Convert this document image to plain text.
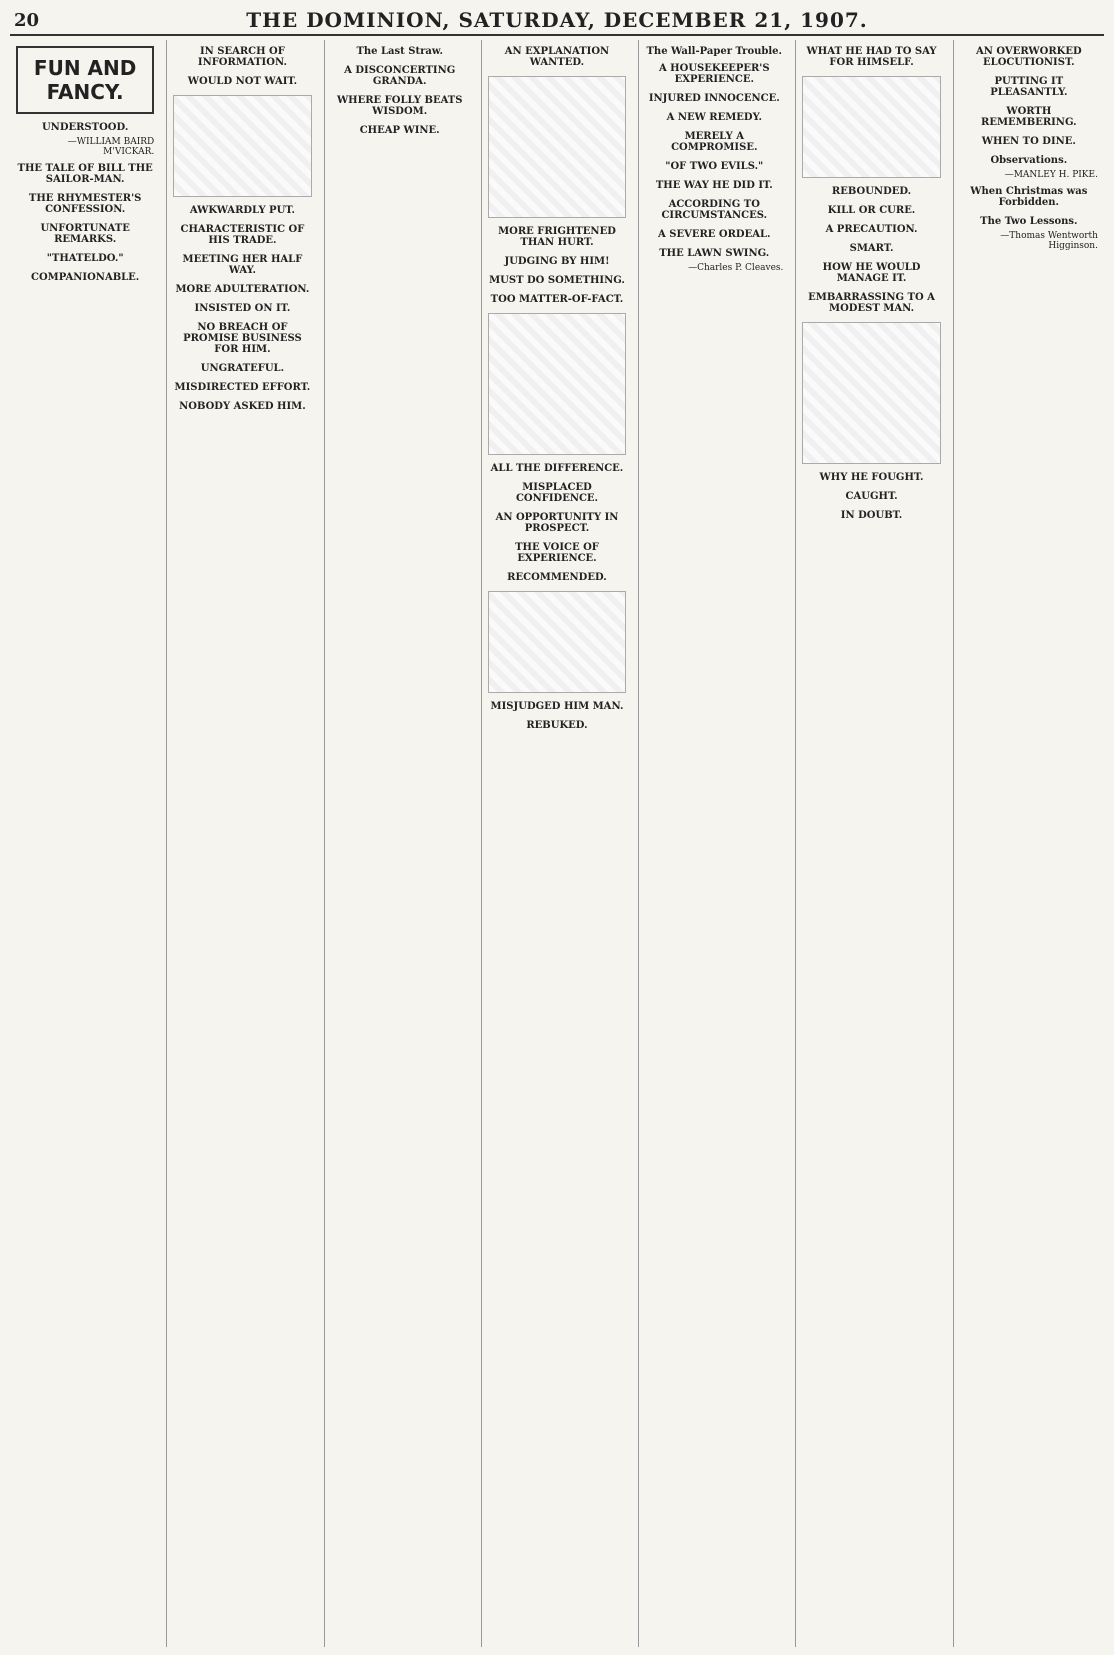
20	THE DOMINION, SATURDAY, DECEMBER 21, 1907.
FUN AND FANCY.
UNDERSTOOD.

—WILLIAM BAIRD M'VICKAR.
THE TALE OF BILL THE SAILOR-MAN.

THE RHYMESTER'S CONFESSION.

UNFORTUNATE REMARKS.

"THATELDO."

COMPANIONABLE.

IN SEARCH OF INFORMATION.

WOULD NOT WAIT.

AWKWARDLY PUT.

CHARACTERISTIC OF HIS TRADE.

MEETING HER HALF WAY.

MORE ADULTERATION.

INSISTED ON IT.

NO BREACH OF PROMISE BUSINESS FOR HIM.

UNGRATEFUL.

MISDIRECTED EFFORT.

NOBODY ASKED HIM.

The Last Straw.

A DISCONCERTING GRANDA.

WHERE FOLLY BEATS WISDOM.

CHEAP WINE.

AN EXPLANATION WANTED.

MORE FRIGHTENED THAN HURT.

JUDGING BY HIM!

MUST DO SOMETHING.

TOO MATTER-OF-FACT.

ALL THE DIFFERENCE.

MISPLACED CONFIDENCE.

AN OPPORTUNITY IN PROSPECT.

THE VOICE OF EXPERIENCE.

RECOMMENDED.

MISJUDGED HIM MAN.

REBUKED.

The Wall-Paper Trouble.
A HOUSEKEEPER'S EXPERIENCE.

INJURED INNOCENCE.

A NEW REMEDY.

MERELY A COMPROMISE.

"OF TWO EVILS."

THE WAY HE DID IT.

ACCORDING TO CIRCUMSTANCES.

A SEVERE ORDEAL.

THE LAWN SWING.

—Charles P. Cleaves.
WHAT HE HAD TO SAY FOR HIMSELF.

REBOUNDED.

KILL OR CURE.

A PRECAUTION.

SMART.

HOW HE WOULD MANAGE IT.

EMBARRASSING TO A MODEST MAN.

WHY HE FOUGHT.

CAUGHT.

IN DOUBT.

AN OVERWORKED ELOCUTIONIST.

PUTTING IT PLEASANTLY.

WORTH REMEMBERING.

WHEN TO DINE.

Observations.

—MANLEY H. PIKE.
When Christmas was Forbidden.

The Two Lessons.

—Thomas Wentworth Higginson.
